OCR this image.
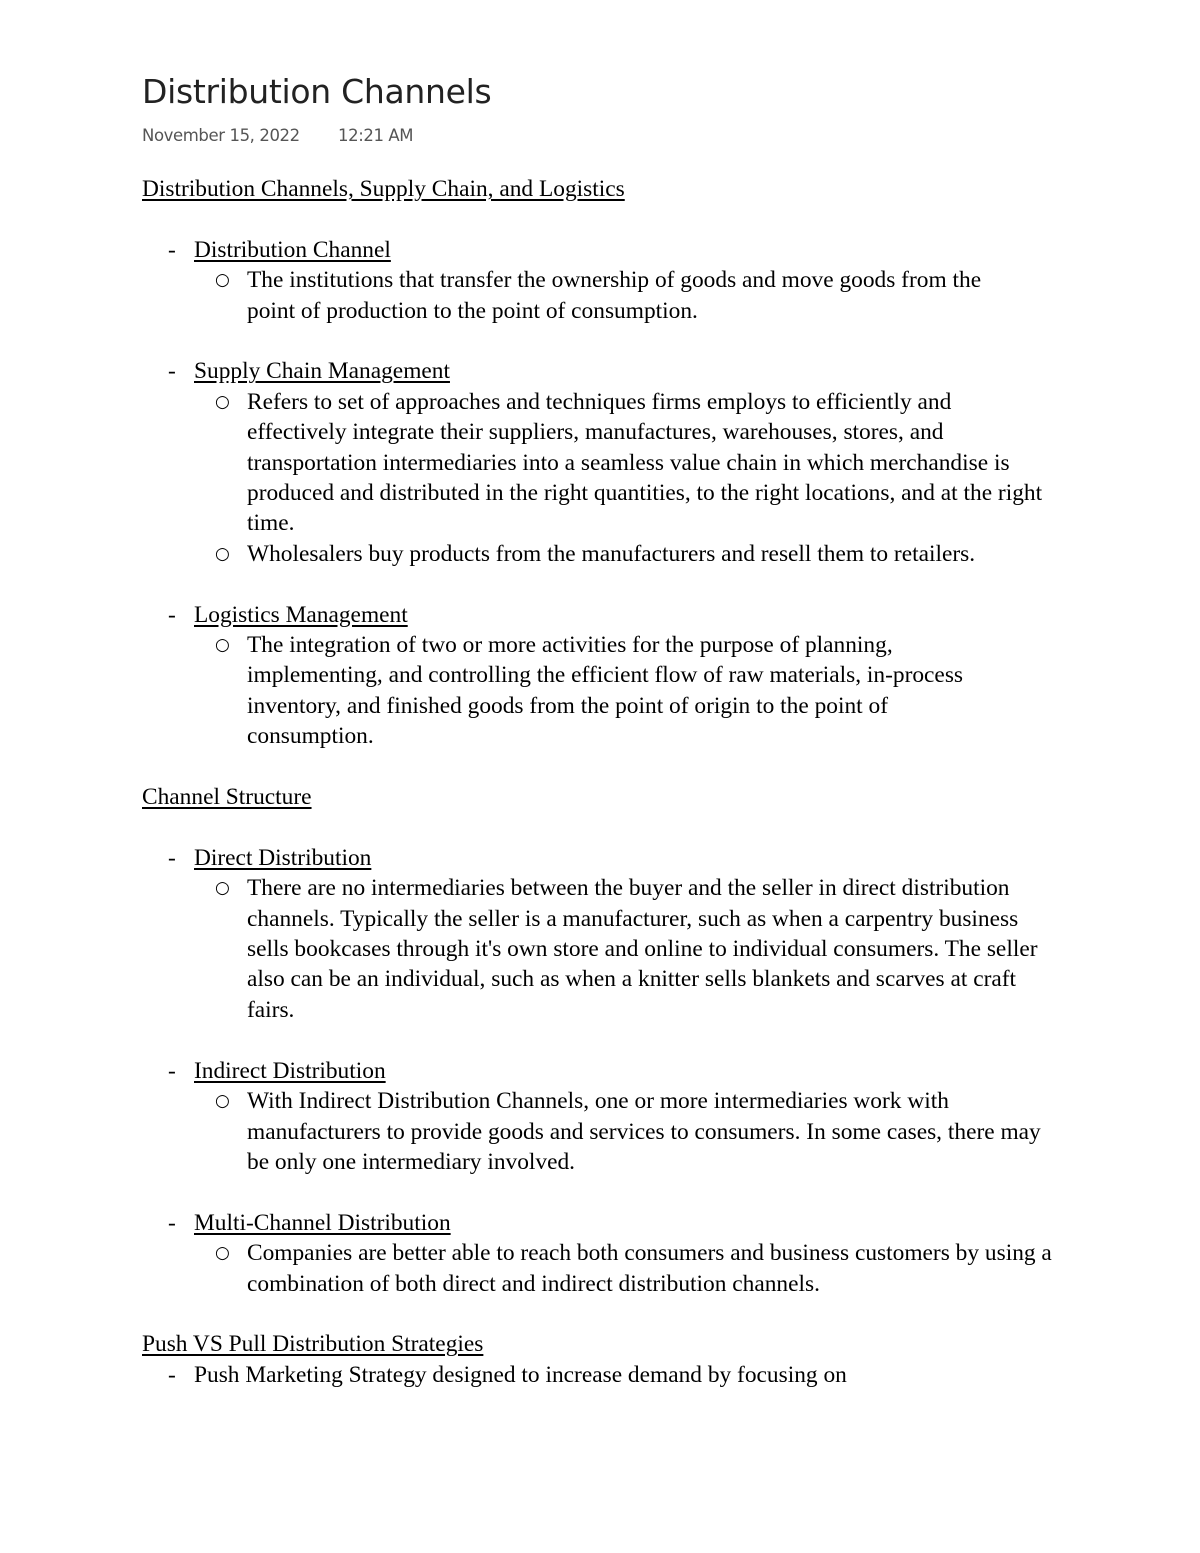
Distribution Channels
November 15, 2022 12:21 AM
Distribution Channels, Supply Chain, and Logistics
- Distribution Channel
○ The institutions that transfer the ownership of goods and move goods from the point of production to the point of consumption.
- Supply Chain Management
○ Refers to set of approaches and techniques firms employs to efficiently and effectively integrate their suppliers, manufactures, warehouses, stores, and transportation intermediaries into a seamless value chain in which merchandise is produced and distributed in the right quantities, to the right locations, and at the right time.
○ Wholesalers buy products from the manufacturers and resell them to retailers.
- Logistics Management
○ The integration of two or more activities for the purpose of planning, implementing, and controlling the efficient flow of raw materials, in-process inventory, and finished goods from the point of origin to the point of consumption.
Channel Structure
- Direct Distribution
○ There are no intermediaries between the buyer and the seller in direct distribution channels. Typically the seller is a manufacturer, such as when a carpentry business sells bookcases through it's own store and online to individual consumers. The seller also can be an individual, such as when a knitter sells blankets and scarves at craft fairs.
- Indirect Distribution
○ With Indirect Distribution Channels, one or more intermediaries work with manufacturers to provide goods and services to consumers. In some cases, there may be only one intermediary involved.
- Multi-Channel Distribution
○ Companies are better able to reach both consumers and business customers by using a combination of both direct and indirect distribution channels.
Push VS Pull Distribution Strategies
- Push Marketing Strategy designed to increase demand by focusing on
